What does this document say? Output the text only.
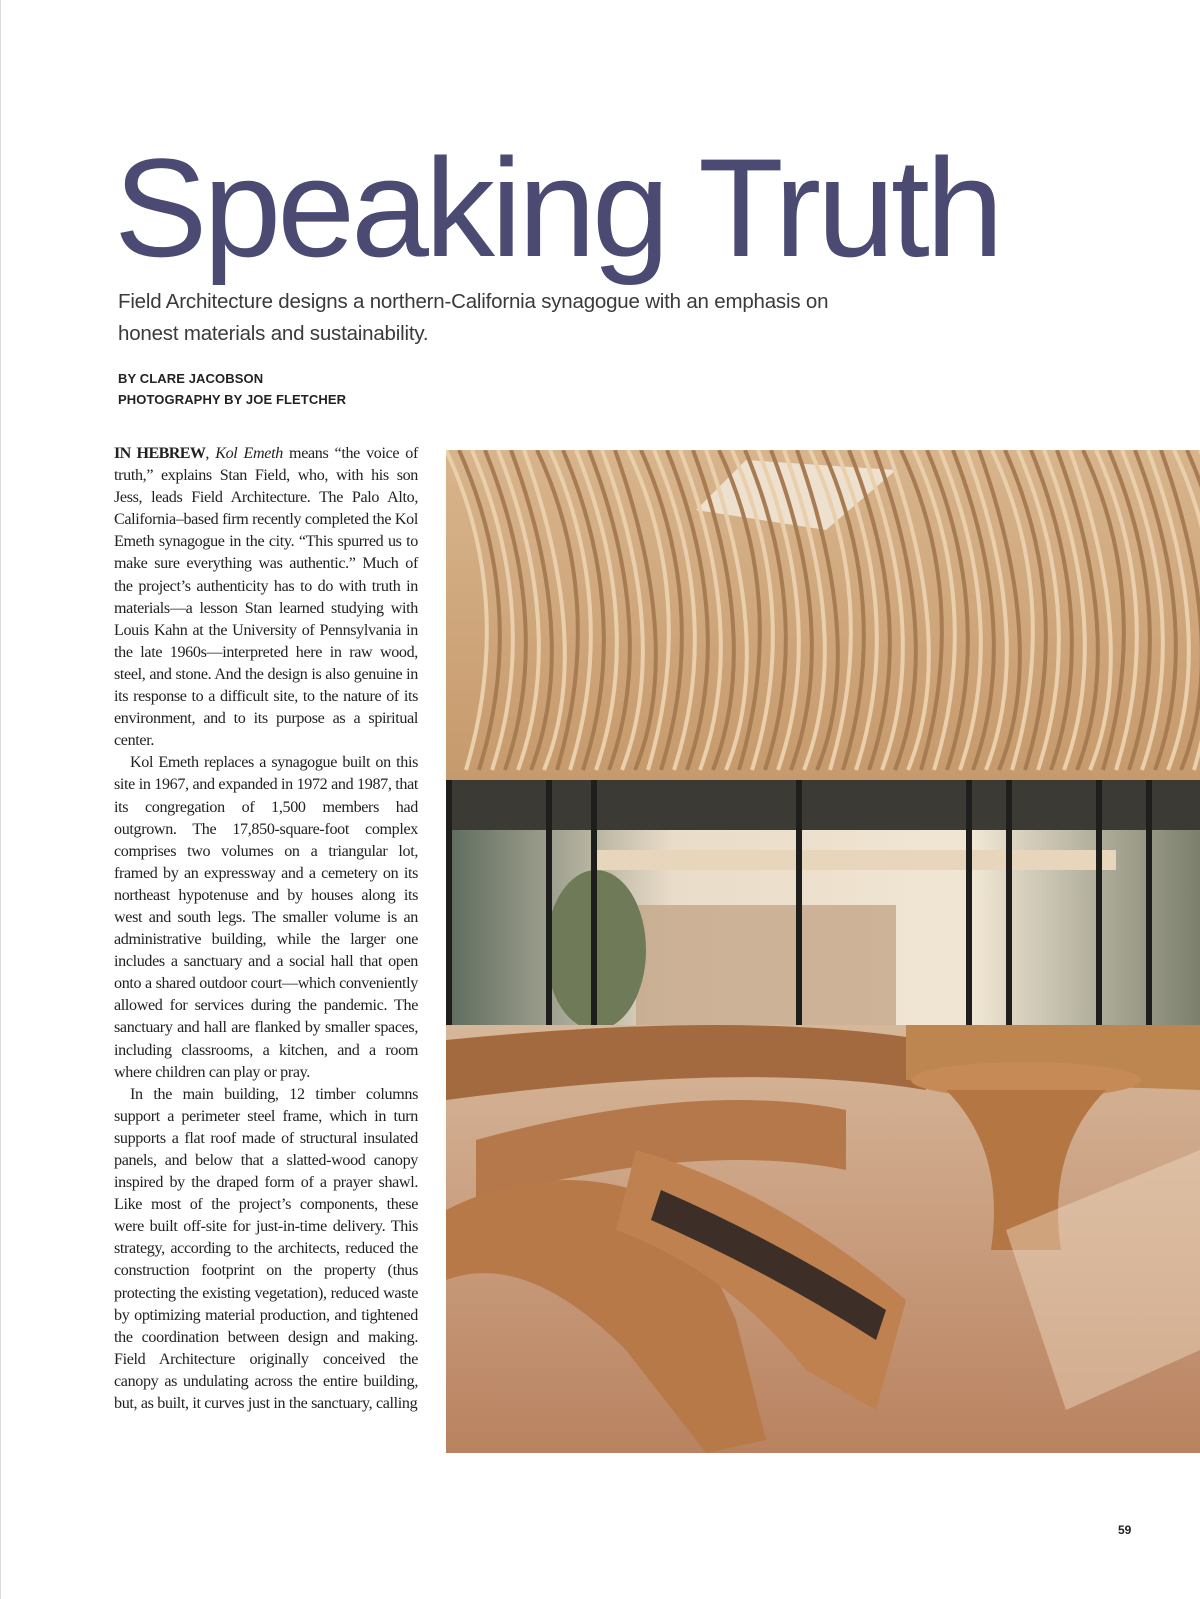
Speaking Truth

Field Architecture designs a northern-California synagogue with an emphasis on honest materials and sustainability.

BY CLARE JACOBSON
PHOTOGRAPHY BY JOE FLETCHER

IN HEBREW, Kol Emeth means “the voice of truth,” explains Stan Field, who, with his son Jess, leads Field Architecture. The Palo Alto, California–based firm recently completed the Kol Emeth synagogue in the city. “This spurred us to make sure everything was authentic.” Much of the project’s authenticity has to do with truth in materials—a lesson Stan learned studying with Louis Kahn at the University of Pennsylvania in the late 1960s—interpreted here in raw wood, steel, and stone. And the design is also genuine in its response to a difficult site, to the nature of its environment, and to its purpose as a spiritual center.

Kol Emeth replaces a synagogue built on this site in 1967, and expanded in 1972 and 1987, that its congregation of 1,500 members had outgrown. The 17,850-square-foot complex comprises two volumes on a triangular lot, framed by an expressway and a cemetery on its northeast hypotenuse and by houses along its west and south legs. The smaller volume is an administrative building, while the larger one includes a sanctuary and a social hall that open onto a shared outdoor court—which conveniently allowed for services during the pandemic. The sanctuary and hall are flanked by smaller spaces, including classrooms, a kitchen, and a room where children can play or pray.

In the main building, 12 timber columns support a perimeter steel frame, which in turn supports a flat roof made of structural insulated panels, and below that a slatted-wood canopy inspired by the draped form of a prayer shawl. Like most of the project’s components, these were built off-site for just-in-time delivery. This strategy, according to the architects, reduced the construction footprint on the property (thus protecting the existing vegetation), reduced waste by optimizing material production, and tightened the coordination between design and making. Field Architecture originally conceived the canopy as undulating across the entire building, but, as built, it curves just in the sanctuary, calling

59
